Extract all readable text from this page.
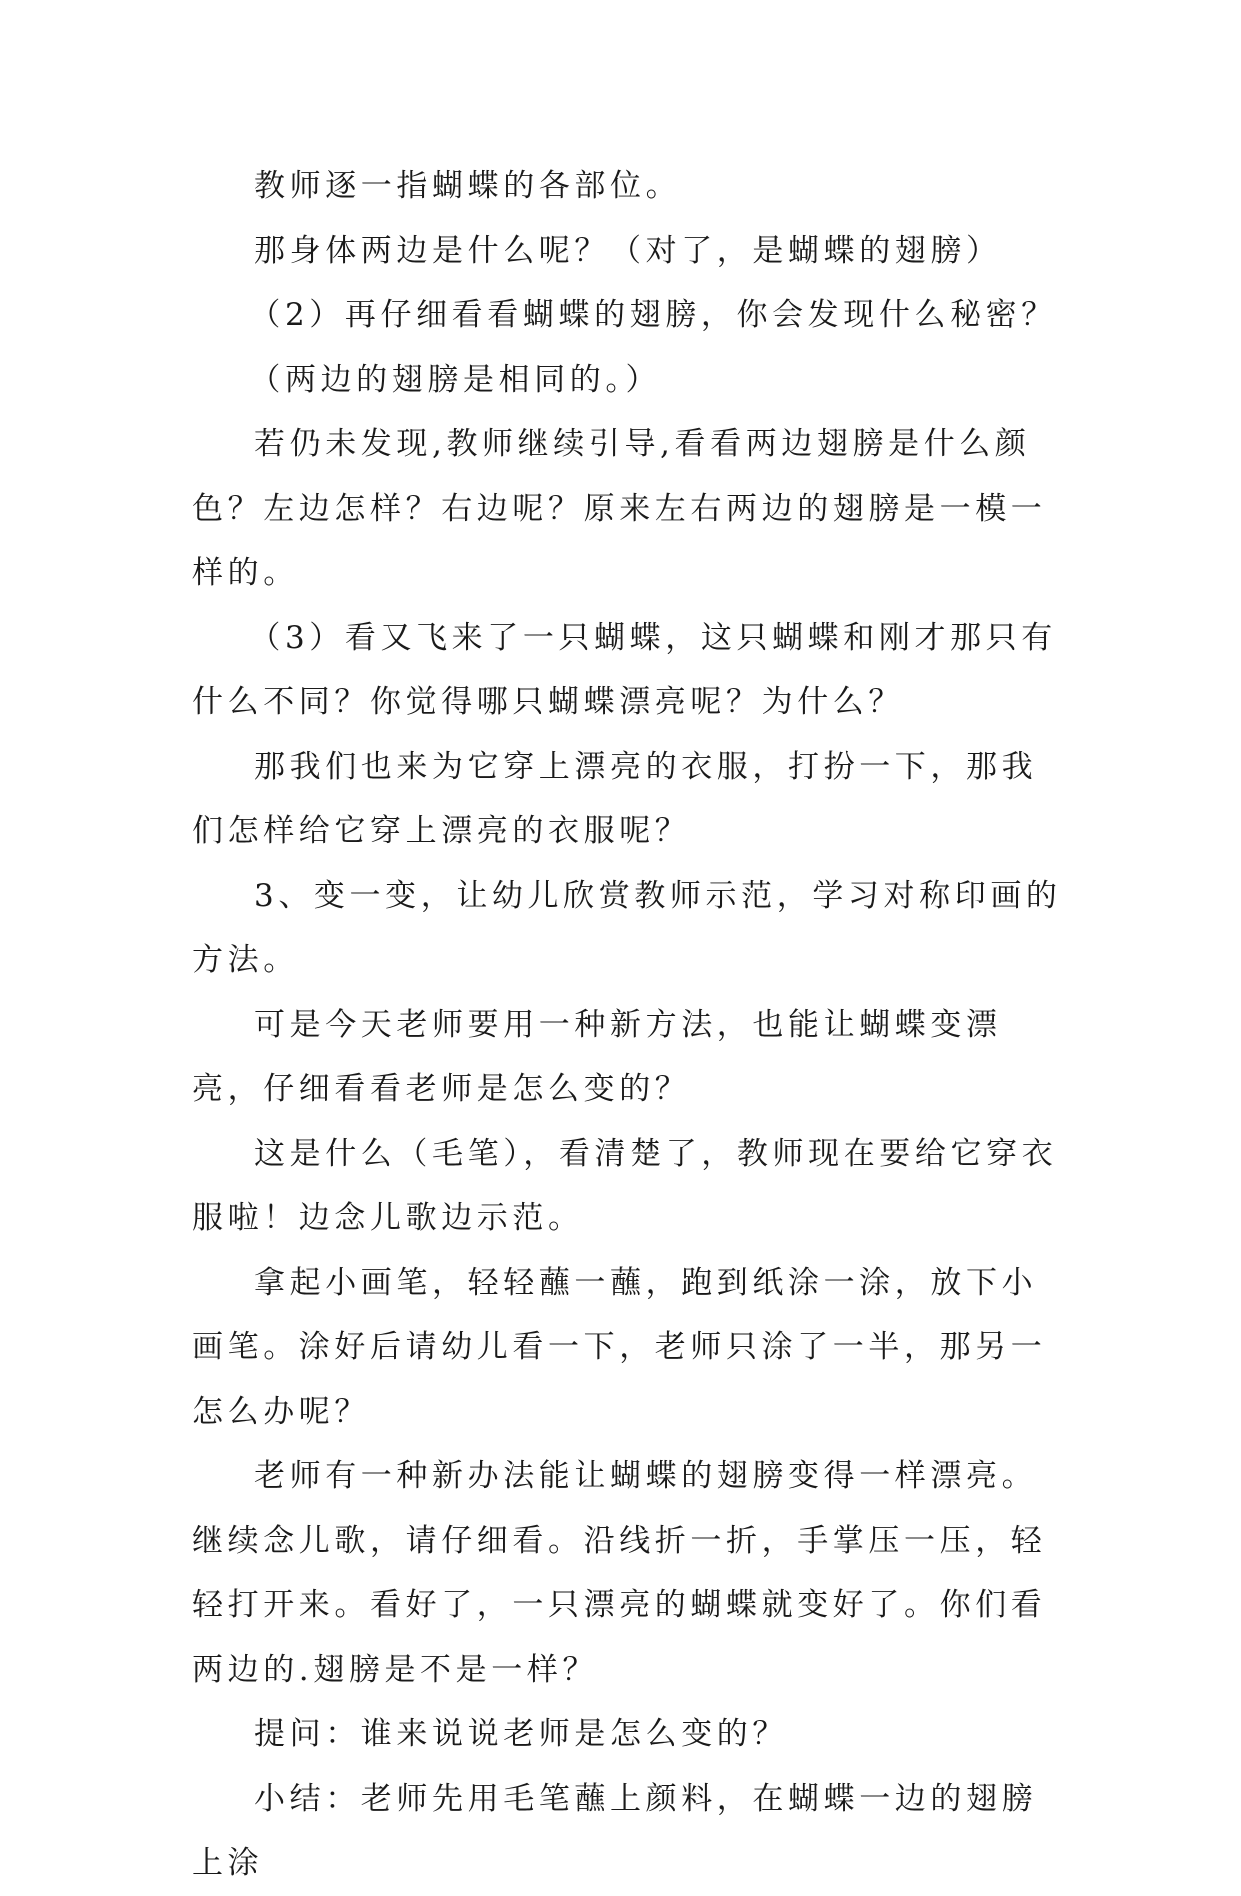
教师逐一指蝴蝶的各部位。

那身体两边是什么呢？（对了，是蝴蝶的翅膀）

（2）再仔细看看蝴蝶的翅膀，你会发现什么秘密？

（两边的翅膀是相同的。）

若仍未发现,教师继续引导,看看两边翅膀是什么颜色？左边怎样？右边呢？原来左右两边的翅膀是一模一样的。

（3）看又飞来了一只蝴蝶，这只蝴蝶和刚才那只有什么不同？你觉得哪只蝴蝶漂亮呢？为什么？

那我们也来为它穿上漂亮的衣服，打扮一下，那我们怎样给它穿上漂亮的衣服呢？

3、变一变，让幼儿欣赏教师示范，学习对称印画的方法。

可是今天老师要用一种新方法，也能让蝴蝶变漂亮，仔细看看老师是怎么变的？

这是什么（毛笔），看清楚了，教师现在要给它穿衣服啦！边念儿歌边示范。

拿起小画笔，轻轻蘸一蘸，跑到纸涂一涂，放下小画笔。涂好后请幼儿看一下，老师只涂了一半，那另一怎么办呢？

老师有一种新办法能让蝴蝶的翅膀变得一样漂亮。继续念儿歌，请仔细看。沿线折一折，手掌压一压，轻轻打开来。看好了，一只漂亮的蝴蝶就变好了。你们看两边的.翅膀是不是一样？

提问：谁来说说老师是怎么变的？

小结：老师先用毛笔蘸上颜料，在蝴蝶一边的翅膀上涂
